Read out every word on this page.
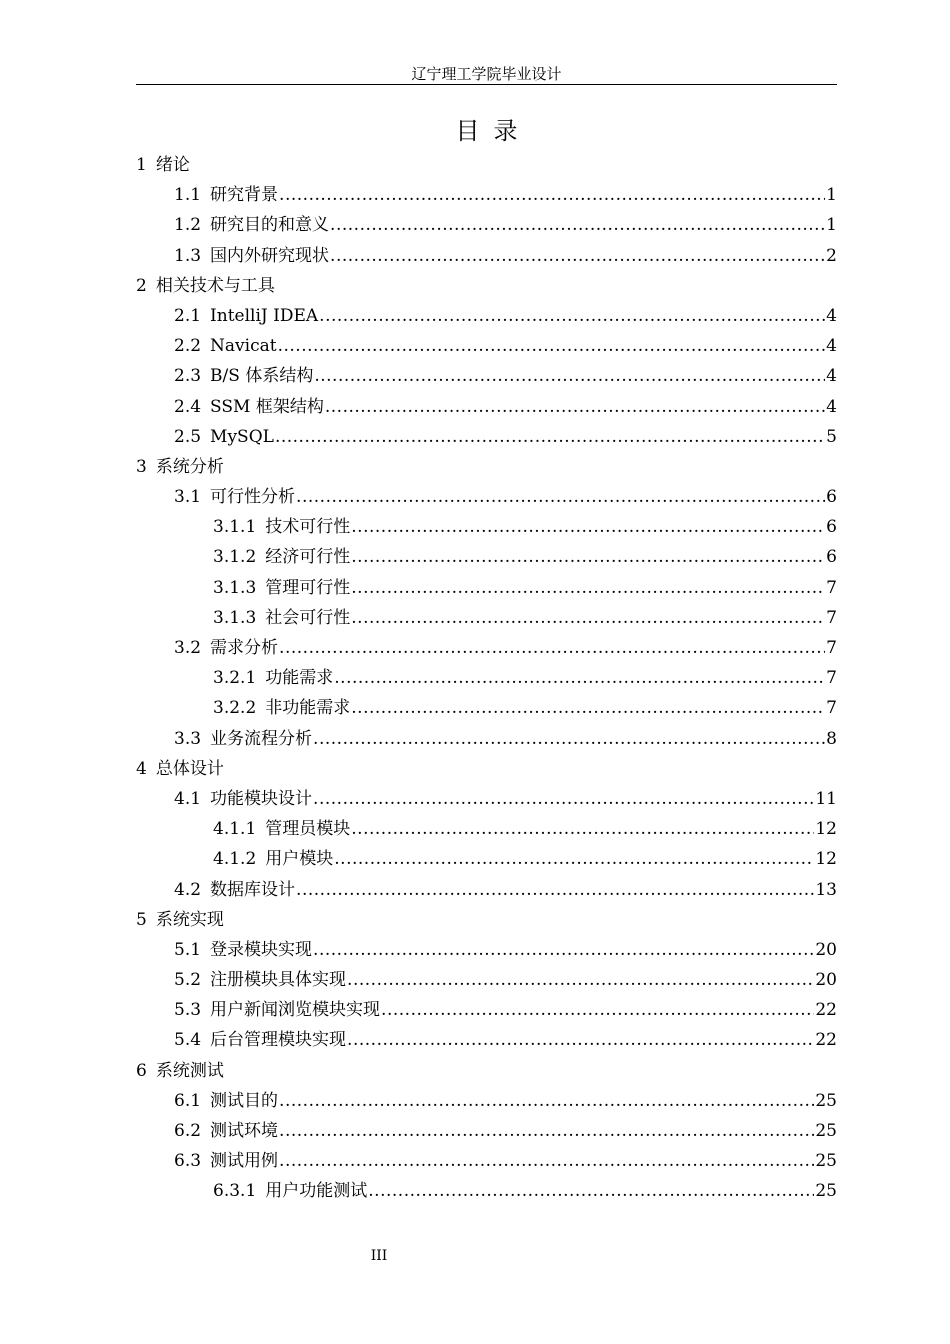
辽宁理工学院毕业设计
目录
1 绪论
1.1 研究背景 .....	1
1.2 研究目的和意义 .....	1
1.3 国内外研究现状 .....	2
2 相关技术与工具
2.1 IntelliJ IDEA .....	4
2.2 Navicat .....	4
2.3 B/S 体系结构 .....	4
2.4 SSM 框架结构 .....	4
2.5 MySQL .....	5
3 系统分析
3.1 可行性分析 .....	6
3.1.1 技术可行性 .....	6
3.1.2 经济可行性 .....	6
3.1.3 管理可行性 .....	7
3.1.3 社会可行性 .....	7
3.2 需求分析 .....	7
3.2.1 功能需求 .....	7
3.2.2 非功能需求 .....	7
3.3 业务流程分析 .....	8
4 总体设计
4.1 功能模块设计 .....	11
4.1.1 管理员模块 .....	12
4.1.2 用户模块 .....	12
4.2 数据库设计 .....	13
5 系统实现
5.1 登录模块实现 .....	20
5.2 注册模块具体实现 .....	20
5.3 用户新闻浏览模块实现 .....	22
5.4 后台管理模块实现 .....	22
6 系统测试
6.1 测试目的 .....	25
6.2 测试环境 .....	25
6.3 测试用例 .....	25
6.3.1 用户功能测试 .....	25
III
